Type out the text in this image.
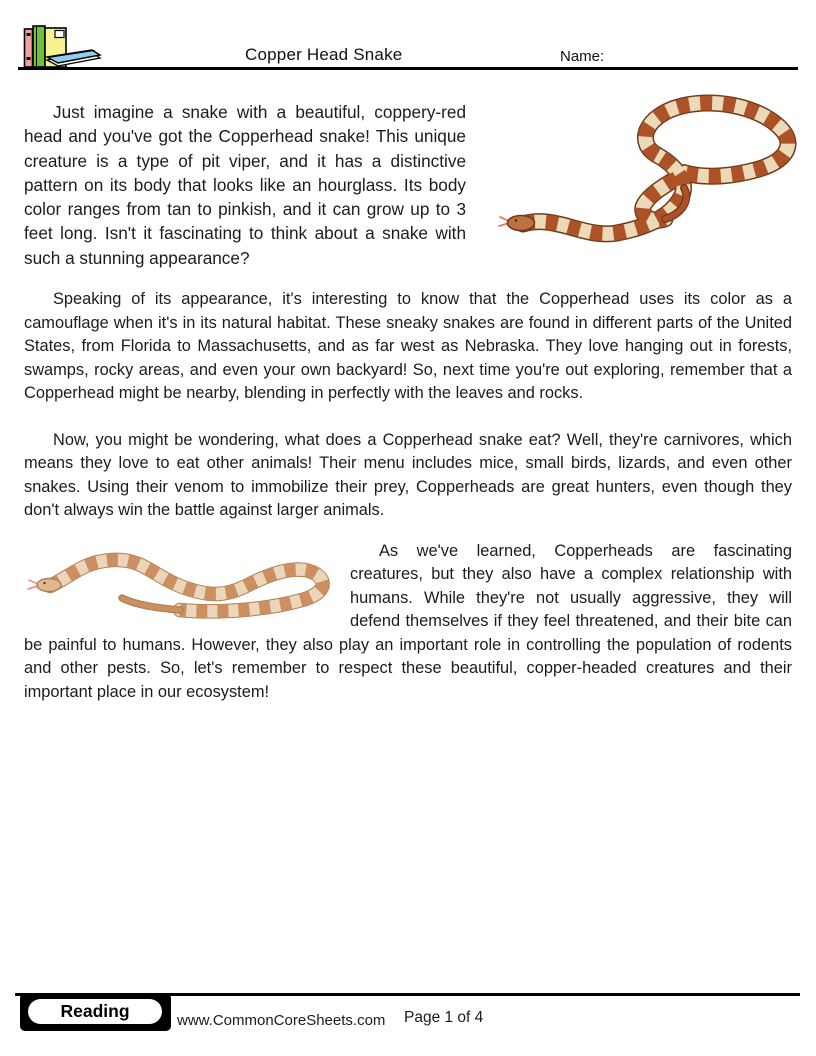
Copper Head Snake	Name:

Just imagine a snake with a beautiful, coppery-red head and you've got the Copperhead snake! This unique creature is a type of pit viper, and it has a distinctive pattern on its body that looks like an hourglass. Its body color ranges from tan to pinkish, and it can grow up to 3 feet long. Isn't it fascinating to think about a snake with such a stunning appearance?

Speaking of its appearance, it's interesting to know that the Copperhead uses its color as a camouflage when it's in its natural habitat. These sneaky snakes are found in different parts of the United States, from Florida to Massachusetts, and as far west as Nebraska. They love hanging out in forests, swamps, rocky areas, and even your own backyard! So, next time you're out exploring, remember that a Copperhead might be nearby, blending in perfectly with the leaves and rocks.

Now, you might be wondering, what does a Copperhead snake eat? Well, they're carnivores, which means they love to eat other animals! Their menu includes mice, small birds, lizards, and even other snakes. Using their venom to immobilize their prey, Copperheads are great hunters, even though they don't always win the battle against larger animals.

As we've learned, Copperheads are fascinating creatures, but they also have a complex relationship with humans. While they're not usually aggressive, they will defend themselves if they feel threatened, and their bite can be painful to humans. However, they also play an important role in controlling the population of rodents and other pests. So, let's remember to respect these beautiful, copper-headed creatures and their important place in our ecosystem!

Reading	www.CommonCoreSheets.com Page 1 of 4
